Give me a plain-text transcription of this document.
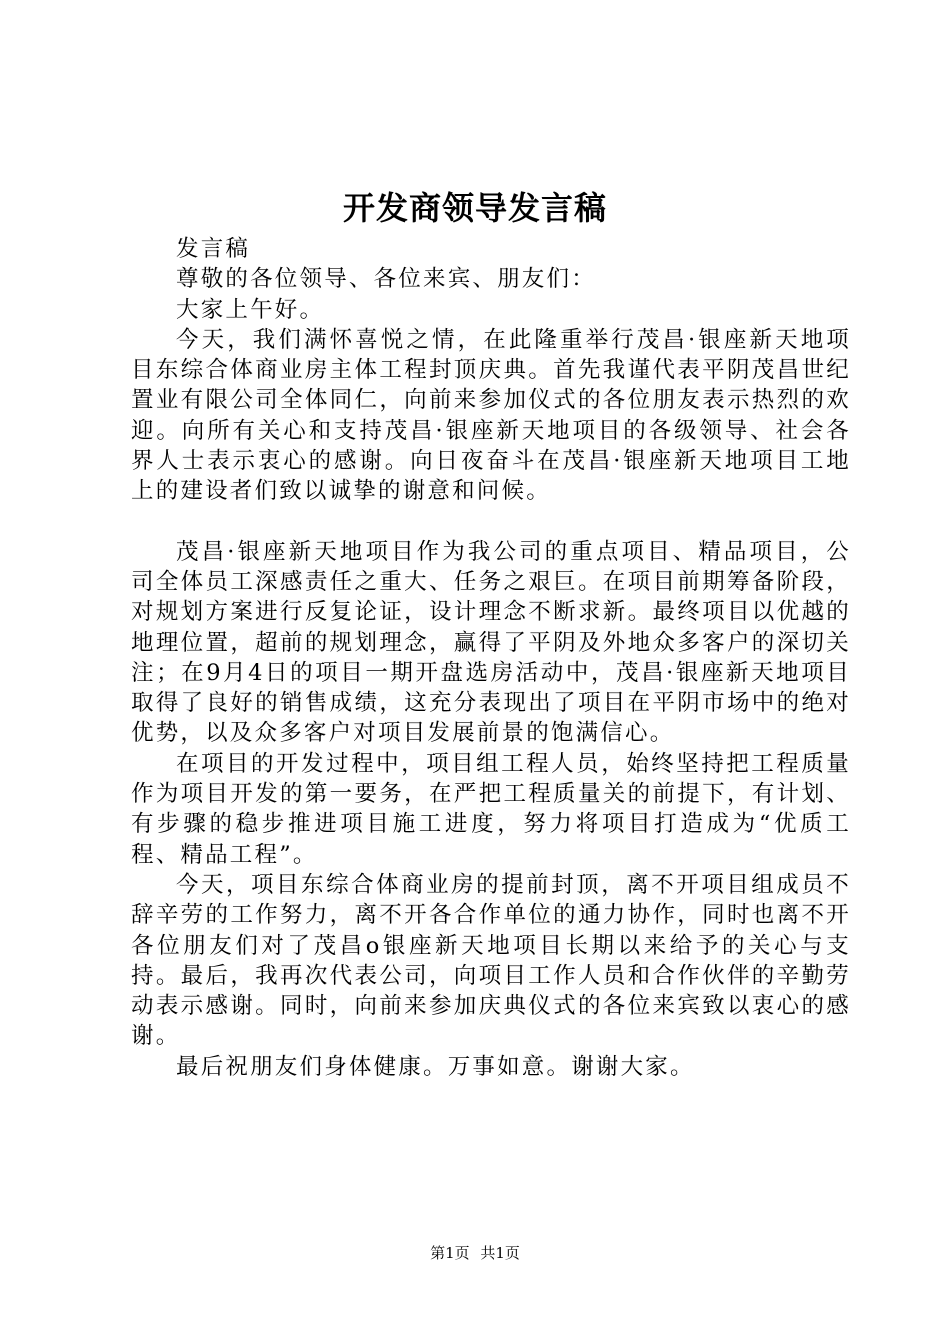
开发商领导发言稿

发言稿

尊敬的各位领导、各位来宾、朋友们：

大家上午好。

今天，我们满怀喜悦之情，在此隆重举行茂昌·银座新天地项目东综合体商业房主体工程封顶庆典。首先我谨代表平阴茂昌世纪置业有限公司全体同仁，向前来参加仪式的各位朋友表示热烈的欢迎。向所有关心和支持茂昌·银座新天地项目的各级领导、社会各界人士表示衷心的感谢。向日夜奋斗在茂昌·银座新天地项目工地上的建设者们致以诚挚的谢意和问候。

茂昌·银座新天地项目作为我公司的重点项目、精品项目，公司全体员工深感责任之重大、任务之艰巨。在项目前期筹备阶段，对规划方案进行反复论证，设计理念不断求新。最终项目以优越的地理位置，超前的规划理念，赢得了平阴及外地众多客户的深切关注；在9月4日的项目一期开盘选房活动中，茂昌·银座新天地项目取得了良好的销售成绩，这充分表现出了项目在平阴市场中的绝对优势，以及众多客户对项目发展前景的饱满信心。

在项目的开发过程中，项目组工程人员，始终坚持把工程质量作为项目开发的第一要务，在严把工程质量关的前提下，有计划、有步骤的稳步推进项目施工进度，努力将项目打造成为“优质工程、精品工程”。

今天，项目东综合体商业房的提前封顶，离不开项目组成员不辞辛劳的工作努力，离不开各合作单位的通力协作，同时也离不开各位朋友们对了茂昌o银座新天地项目长期以来给予的关心与支持。最后，我再次代表公司，向项目工作人员和合作伙伴的辛勤劳动表示感谢。同时，向前来参加庆典仪式的各位来宾致以衷心的感谢。

最后祝朋友们身体健康。万事如意。谢谢大家。

第1页 共1页
